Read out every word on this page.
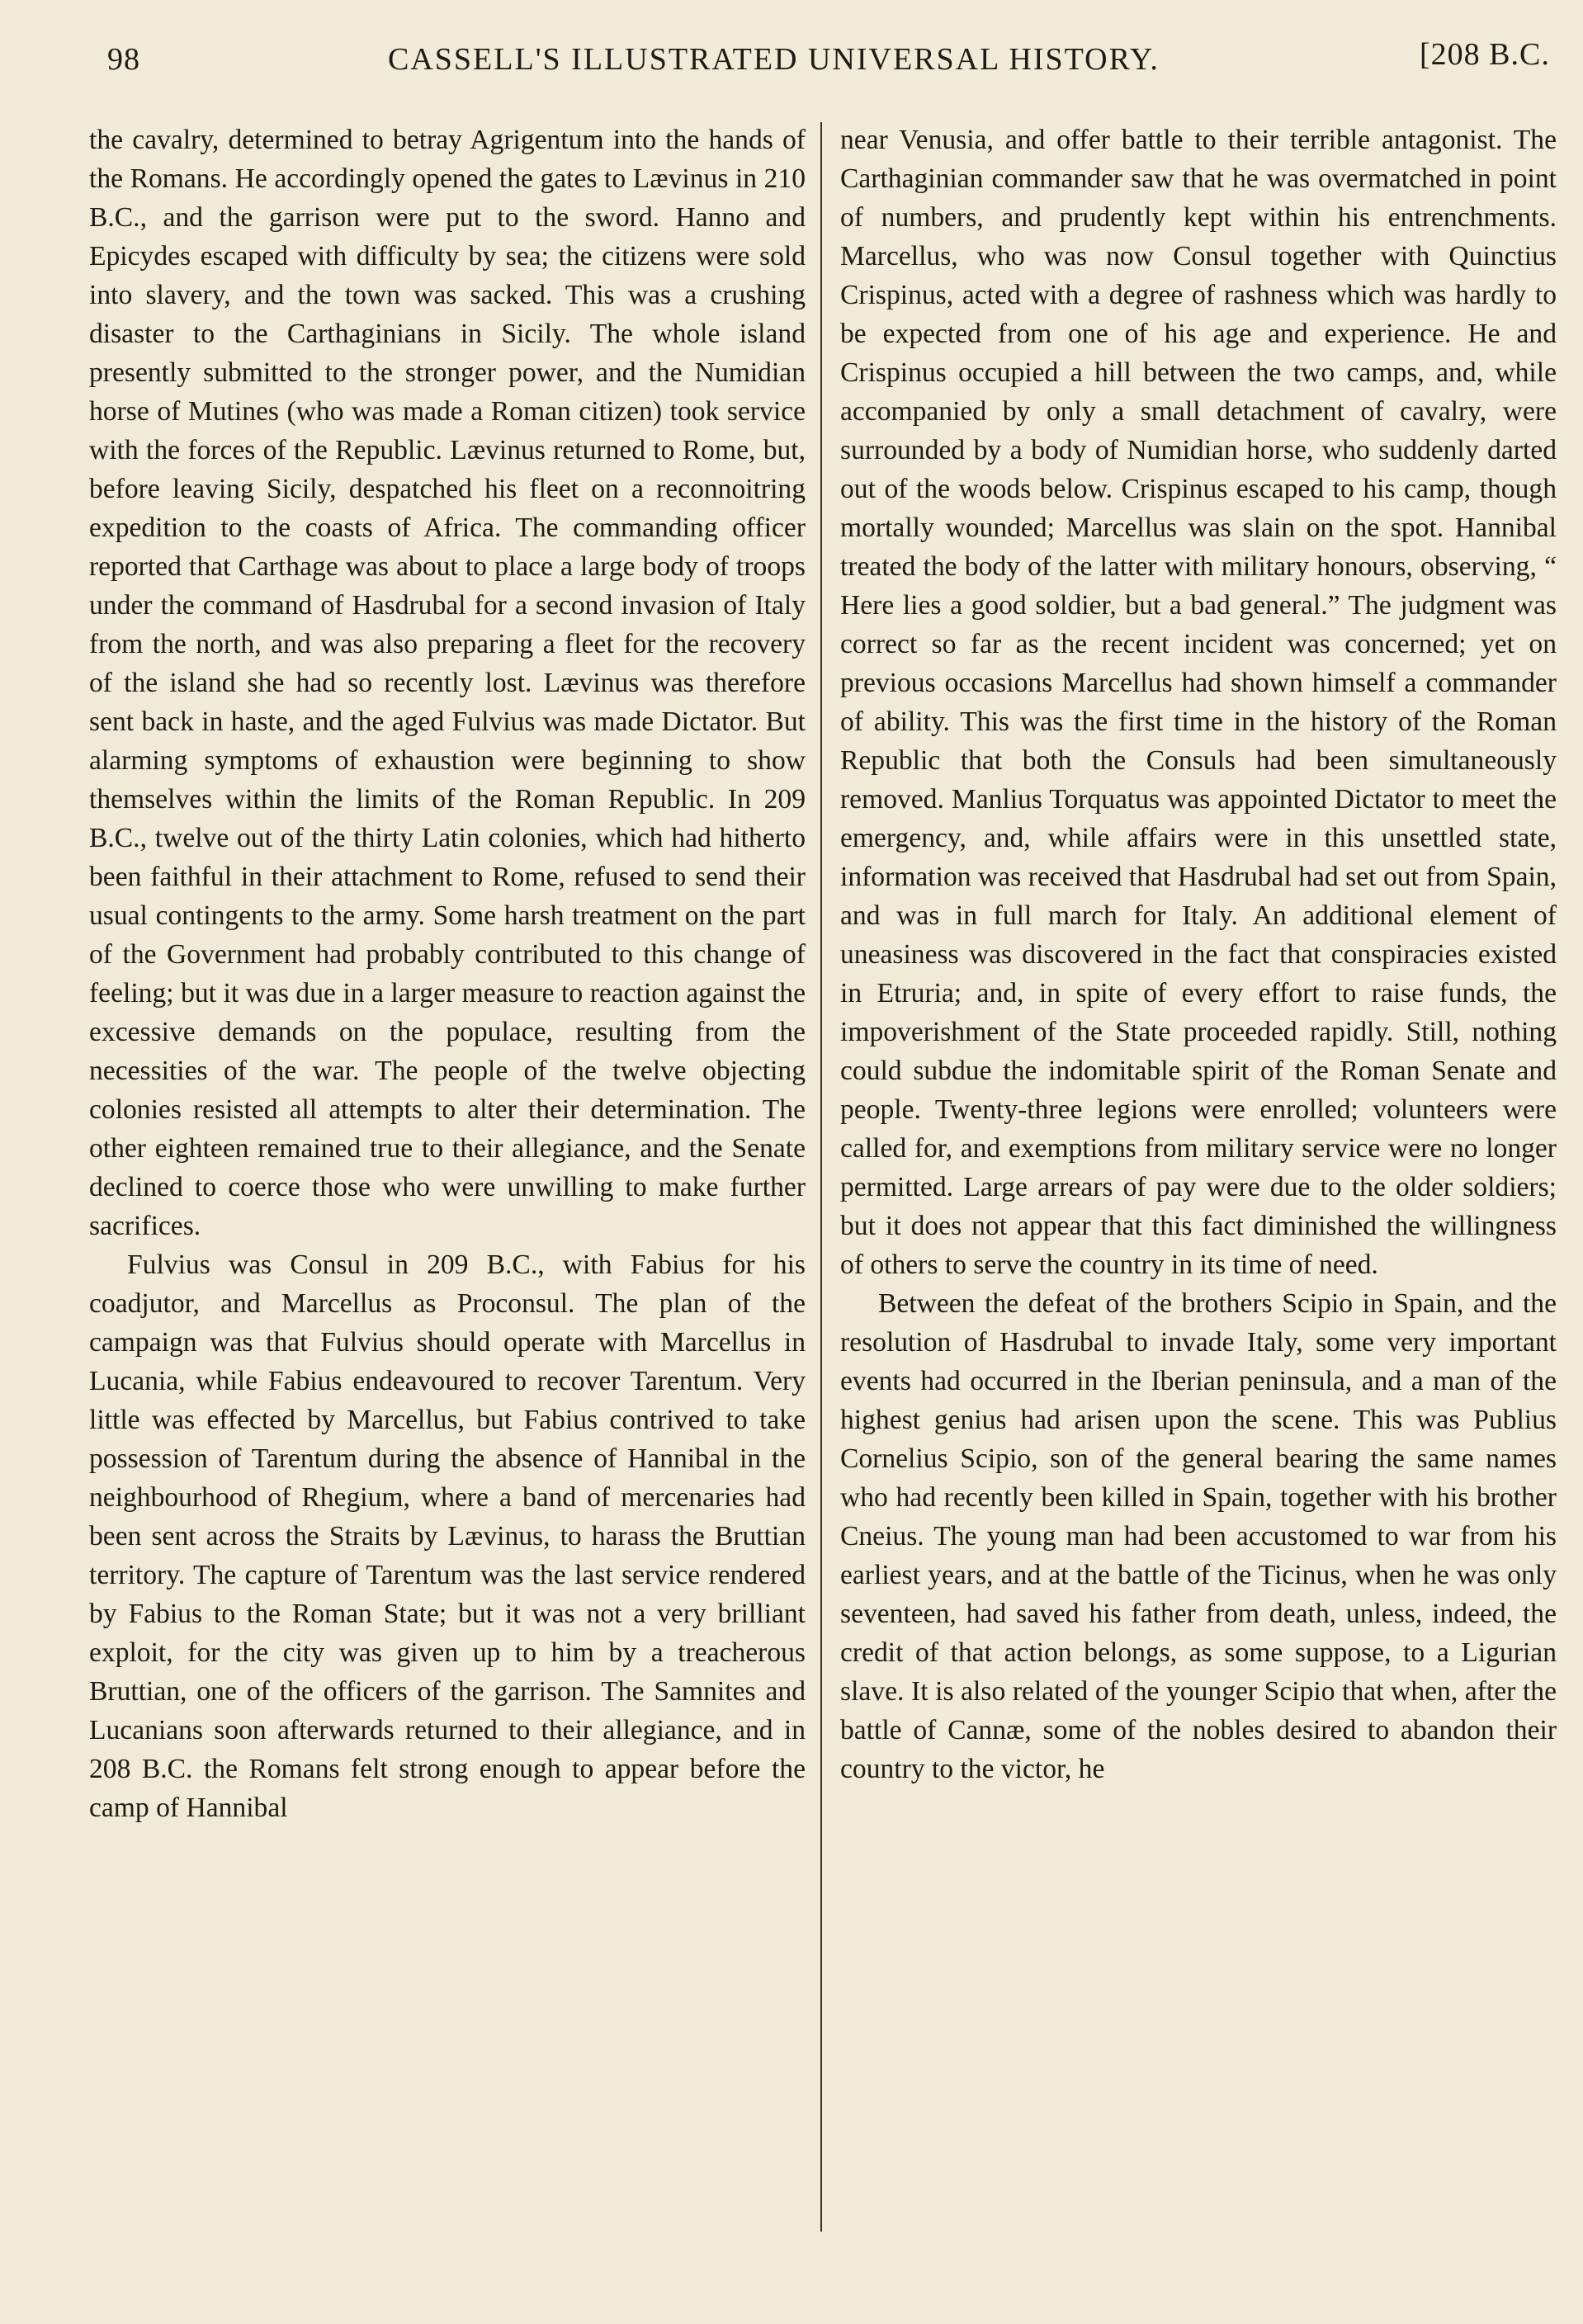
98	CASSELL'S ILLUSTRATED UNIVERSAL HISTORY.	[208 B.C.

the cavalry, determined to betray Agrigentum into the hands of the Romans. He accordingly opened the gates to Lævinus in 210 B.C., and the garrison were put to the sword. Hanno and Epicydes escaped with difficulty by sea; the citizens were sold into slavery, and the town was sacked. This was a crushing disaster to the Carthaginians in Sicily. The whole island presently submitted to the stronger power, and the Numidian horse of Mutines (who was made a Roman citizen) took service with the forces of the Republic. Lævinus returned to Rome, but, before leaving Sicily, despatched his fleet on a reconnoitring expedition to the coasts of Africa. The commanding officer reported that Carthage was about to place a large body of troops under the command of Hasdrubal for a second invasion of Italy from the north, and was also preparing a fleet for the recovery of the island she had so recently lost. Lævinus was therefore sent back in haste, and the aged Fulvius was made Dictator. But alarming symptoms of exhaustion were beginning to show themselves within the limits of the Roman Republic. In 209 B.C., twelve out of the thirty Latin colonies, which had hitherto been faithful in their attachment to Rome, refused to send their usual contingents to the army. Some harsh treatment on the part of the Government had probably contributed to this change of feeling; but it was due in a larger measure to reaction against the excessive demands on the populace, resulting from the necessities of the war. The people of the twelve objecting colonies resisted all attempts to alter their determination. The other eighteen remained true to their allegiance, and the Senate declined to coerce those who were unwilling to make further sacrifices.

Fulvius was Consul in 209 B.C., with Fabius for his coadjutor, and Marcellus as Proconsul. The plan of the campaign was that Fulvius should operate with Marcellus in Lucania, while Fabius endeavoured to recover Tarentum. Very little was effected by Marcellus, but Fabius contrived to take possession of Tarentum during the absence of Hannibal in the neighbourhood of Rhegium, where a band of mercenaries had been sent across the Straits by Lævinus, to harass the Bruttian territory. The capture of Tarentum was the last service rendered by Fabius to the Roman State; but it was not a very brilliant exploit, for the city was given up to him by a treacherous Bruttian, one of the officers of the garrison. The Samnites and Lucanians soon afterwards returned to their allegiance, and in 208 B.C. the Romans felt strong enough to appear before the camp of Hannibal

near Venusia, and offer battle to their terrible antagonist. The Carthaginian commander saw that he was overmatched in point of numbers, and prudently kept within his entrenchments. Marcellus, who was now Consul together with Quinctius Crispinus, acted with a degree of rashness which was hardly to be expected from one of his age and experience. He and Crispinus occupied a hill between the two camps, and, while accompanied by only a small detachment of cavalry, were surrounded by a body of Numidian horse, who suddenly darted out of the woods below. Crispinus escaped to his camp, though mortally wounded; Marcellus was slain on the spot. Hannibal treated the body of the latter with military honours, observing, “ Here lies a good soldier, but a bad general.” The judgment was correct so far as the recent incident was concerned; yet on previous occasions Marcellus had shown himself a commander of ability. This was the first time in the history of the Roman Republic that both the Consuls had been simultaneously removed. Manlius Torquatus was appointed Dictator to meet the emergency, and, while affairs were in this unsettled state, information was received that Hasdrubal had set out from Spain, and was in full march for Italy. An additional element of uneasiness was discovered in the fact that conspiracies existed in Etruria; and, in spite of every effort to raise funds, the impoverishment of the State proceeded rapidly. Still, nothing could subdue the indomitable spirit of the Roman Senate and people. Twenty-three legions were enrolled; volunteers were called for, and exemptions from military service were no longer permitted. Large arrears of pay were due to the older soldiers; but it does not appear that this fact diminished the willingness of others to serve the country in its time of need.

Between the defeat of the brothers Scipio in Spain, and the resolution of Hasdrubal to invade Italy, some very important events had occurred in the Iberian peninsula, and a man of the highest genius had arisen upon the scene. This was Publius Cornelius Scipio, son of the general bearing the same names who had recently been killed in Spain, together with his brother Cneius. The young man had been accustomed to war from his earliest years, and at the battle of the Ticinus, when he was only seventeen, had saved his father from death, unless, indeed, the credit of that action belongs, as some suppose, to a Ligurian slave. It is also related of the younger Scipio that when, after the battle of Cannæ, some of the nobles desired to abandon their country to the victor, he
